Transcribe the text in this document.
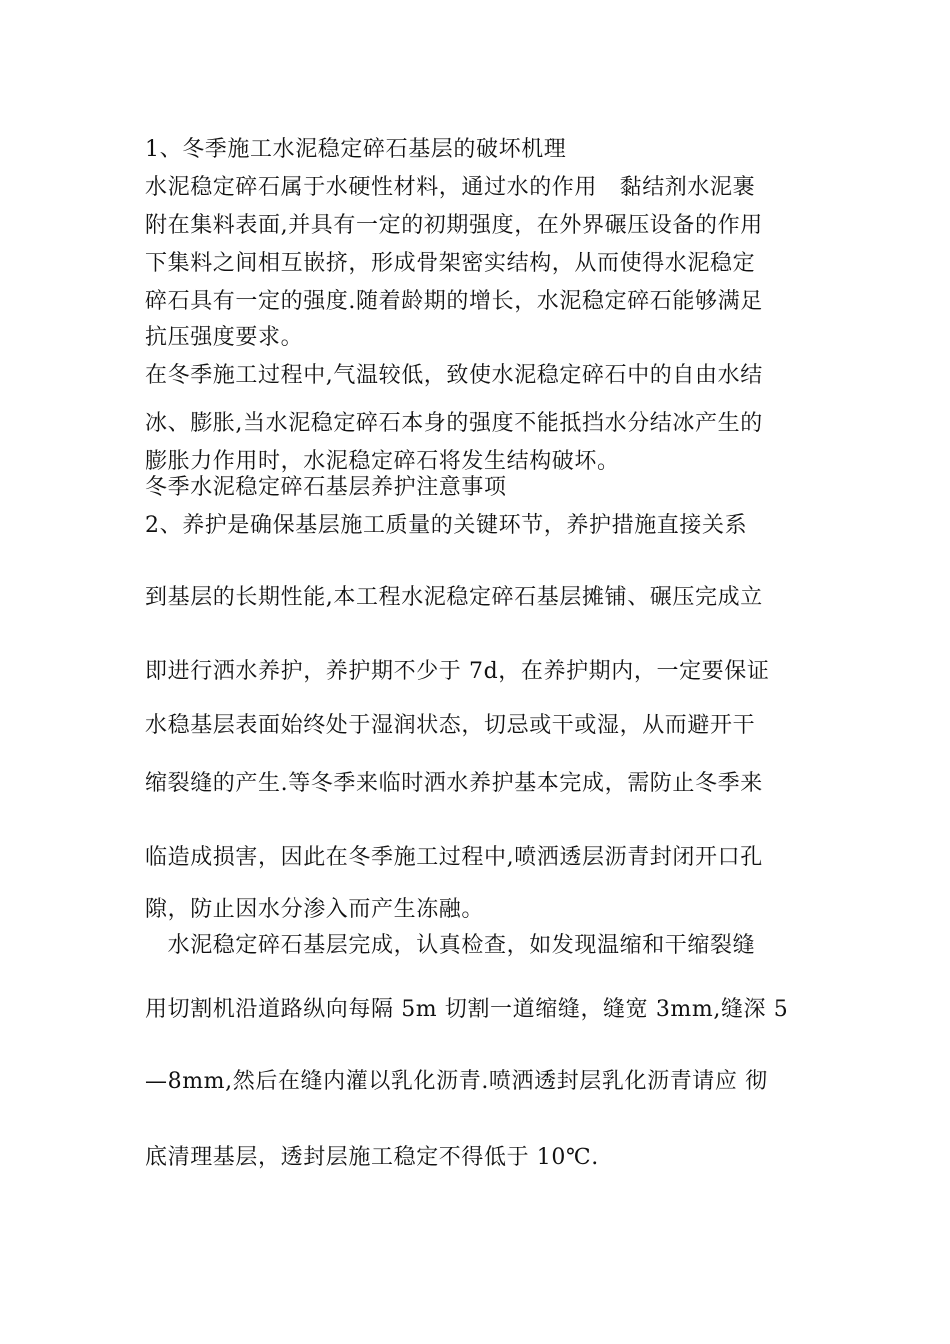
1、冬季施工水泥稳定碎石基层的破坏机理
水泥稳定碎石属于水硬性材料，通过水的作用　黏结剂水泥裹
附在集料表面,并具有一定的初期强度，在外界碾压设备的作用
下集料之间相互嵌挤，形成骨架密实结构，从而使得水泥稳定
碎石具有一定的强度.随着龄期的增长，水泥稳定碎石能够满足
抗压强度要求。
在冬季施工过程中,气温较低，致使水泥稳定碎石中的自由水结
冰、膨胀,当水泥稳定碎石本身的强度不能抵挡水分结冰产生的
膨胀力作用时，水泥稳定碎石将发生结构破坏。
冬季水泥稳定碎石基层养护注意事项
2、养护是确保基层施工质量的关键环节，养护措施直接关系
到基层的长期性能,本工程水泥稳定碎石基层摊铺、碾压完成立
即进行洒水养护，养护期不少于 7d，在养护期内，一定要保证
水稳基层表面始终处于湿润状态，切忌或干或湿，从而避开干
缩裂缝的产生.等冬季来临时洒水养护基本完成，需防止冬季来
临造成损害，因此在冬季施工过程中,喷洒透层沥青封闭开口孔
隙，防止因水分渗入而产生冻融。
　水泥稳定碎石基层完成，认真检查，如发现温缩和干缩裂缝
用切割机沿道路纵向每隔 5m 切割一道缩缝，缝宽 3mm,缝深 5
—8mm,然后在缝内灌以乳化沥青.喷洒透封层乳化沥青请应 彻
底清理基层，透封层施工稳定不得低于 10℃.
